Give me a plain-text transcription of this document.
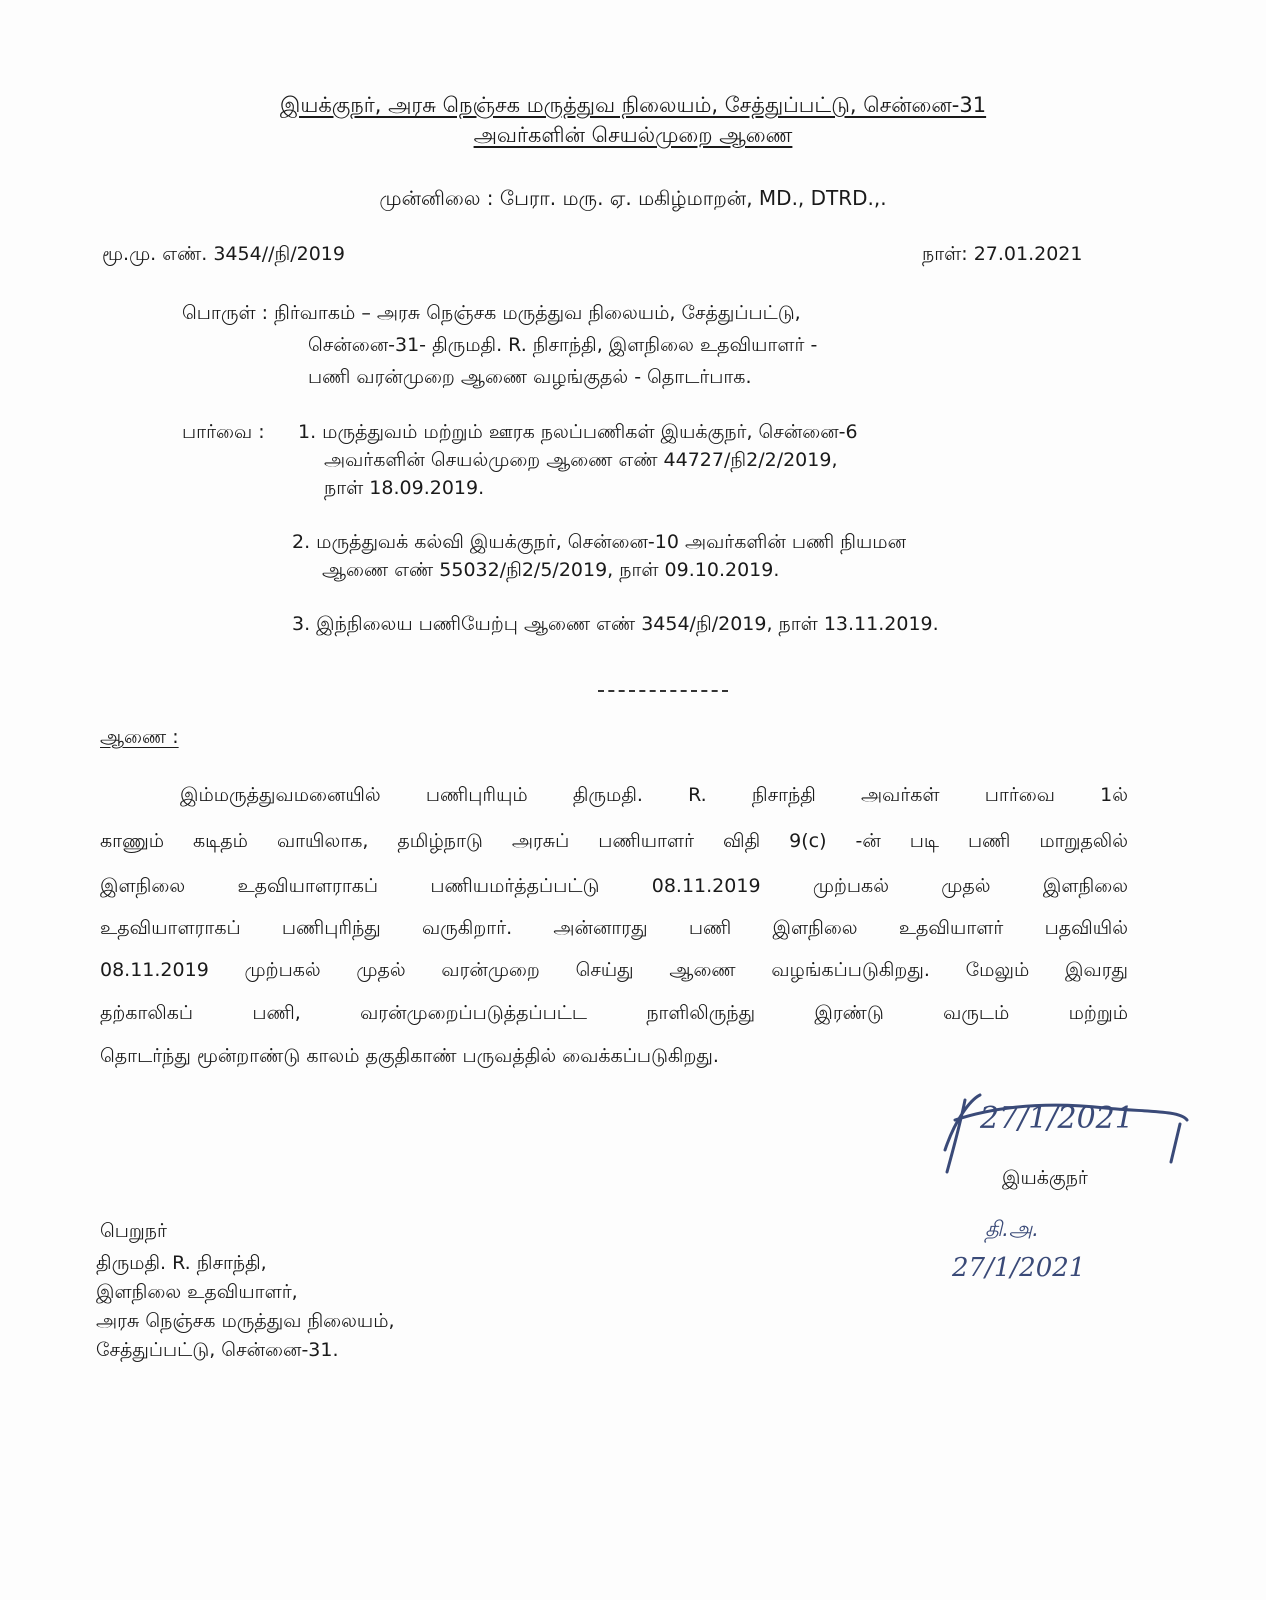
இயக்குநர், அரசு நெஞ்சக மருத்துவ நிலையம், சேத்துப்பட்டு, சென்னை-31
அவர்களின் செயல்முறை ஆணை
முன்னிலை : பேரா. மரு. ஏ. மகிழ்மாறன், MD., DTRD.,.
மூ.மு. எண். 3454//நி/2019	நாள்: 27.01.2021
பொருள் : நிர்வாகம் – அரசு நெஞ்சக மருத்துவ நிலையம், சேத்துப்பட்டு,
சென்னை-31- திருமதி. R. நிசாந்தி, இளநிலை உதவியாளர் -
பணி வரன்முறை ஆணை வழங்குதல் - தொடர்பாக.
பார்வை : 1. மருத்துவம் மற்றும் ஊரக நலப்பணிகள் இயக்குநர், சென்னை-6
அவர்களின் செயல்முறை ஆணை எண் 44727/நி2/2/2019,
நாள் 18.09.2019.
2. மருத்துவக் கல்வி இயக்குநர், சென்னை-10 அவர்களின் பணி நியமன
ஆணை எண் 55032/நி2/5/2019, நாள் 09.10.2019.
3. இந்நிலைய பணியேற்பு ஆணை எண் 3454/நி/2019, நாள் 13.11.2019.
ஆணை :
இம்மருத்துவமனையில் பணிபுரியும் திருமதி. R. நிசாந்தி அவர்கள் பார்வை 1ல்
காணும் கடிதம் வாயிலாக, தமிழ்நாடு அரசுப் பணியாளர் விதி 9(c) -ன் படி பணி மாறுதலில்
இளநிலை உதவியாளராகப் பணியமர்த்தப்பட்டு 08.11.2019 முற்பகல் முதல் இளநிலை
உதவியாளராகப் பணிபுரிந்து வருகிறார். அன்னாரது பணி இளநிலை உதவியாளர் பதவியில்
08.11.2019 முற்பகல் முதல் வரன்முறை செய்து ஆணை வழங்கப்படுகிறது. மேலும் இவரது
தற்காலிகப் பணி, வரன்முறைப்படுத்தப்பட்ட நாளிலிருந்து இரண்டு வருடம் மற்றும்
தொடர்ந்து மூன்றாண்டு காலம் தகுதிகாண் பருவத்தில் வைக்கப்படுகிறது.
27/1/2021
இயக்குநர்
தி.அ.
27/1/2021
பெறுநர்
திருமதி. R. நிசாந்தி,
இளநிலை உதவியாளர்,
அரசு நெஞ்சக மருத்துவ நிலையம்,
சேத்துப்பட்டு, சென்னை-31.
